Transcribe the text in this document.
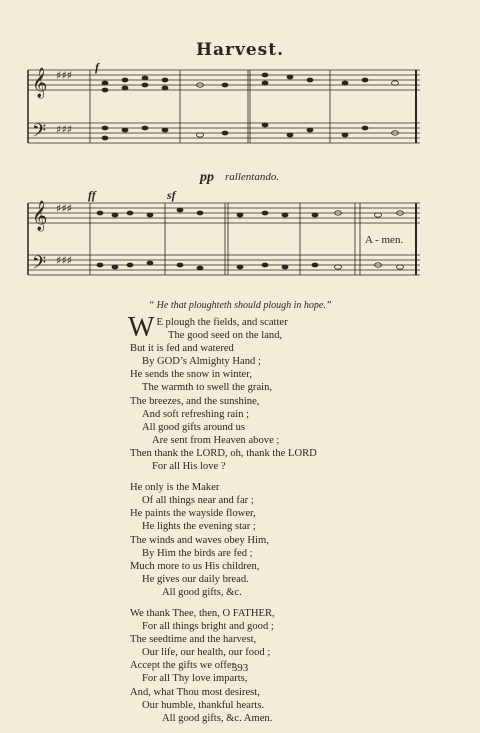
Harvest.
𝄞
𝄢
𝄞
𝄢
♯♯♯
♯♯♯
♯♯♯
♯♯♯
f
ff	sf
pp rallentando.
A - men.
“ He that ploughteth should plough in hope.”
W E plough the fields, and scatter
The good seed on the land,
But it is fed and watered
By GOD’s Almighty Hand ;
He sends the snow in winter,
The warmth to swell the grain,
The breezes, and the sunshine,
And soft refreshing rain ;
All good gifts around us
Are sent from Heaven above ;
Then thank the LORD, oh, thank the LORD
For all His love ?
He only is the Maker
Of all things near and far ;
He paints the wayside flower,
He lights the evening star ;
The winds and waves obey Him,
By Him the birds are fed ;
Much more to us His children,
He gives our daily bread.
All good gifts, &c.
We thank Thee, then, O FATHER,
For all things bright and good ;
The seedtime and the harvest,
Our life, our health, our food ;
Accept the gifts we offer
For all Thy love imparts,
And, what Thou most desirest,
Our humble, thankful hearts.
All good gifts, &c. Amen.
393
